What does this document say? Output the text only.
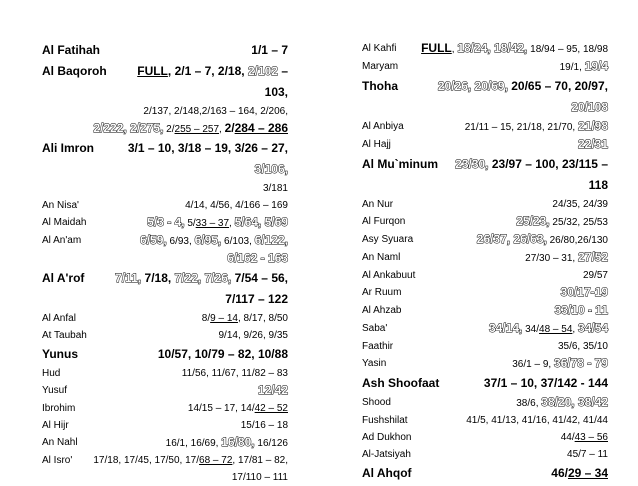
Al Fatihah	1/1 – 7
Al Baqoroh	FULL, 2/1 – 7, 2/18, 2/102 – 103,
2/137, 2/148,2/163 – 164, 2/206,
2/222, 2/275, 2/255 – 257, 2/284 – 286
Ali Imron	3/1 – 10, 3/18 – 19, 3/26 – 27, 3/106,
3/181
An Nisa'	4/14, 4/56, 4/166 – 169
Al Maidah	5/3 - 4, 5/33 – 37, 5/64, 5/69
Al An'am	6/59, 6/93, 6/95, 6/103, 6/122,
6/162 - 163
Al A'rof	7/11, 7/18, 7/22, 7/26, 7/54 – 56,
7/117 – 122
Al Anfal	8/9 – 14, 8/17, 8/50
At Taubah	9/14, 9/26, 9/35
Yunus	10/57, 10/79 – 82, 10/88
Hud	11/56, 11/67, 11/82 – 83
Yusuf	12/42
Ibrohim	14/15 – 17, 14/42 – 52
Al Hijr	15/16 – 18
An Nahl	16/1, 16/69, 16/80, 16/126
Al Isro' 17/18, 17/45, 17/50, 17/68 – 72, 17/81 – 82,
17/110 – 111
Al Kahfi FULL, 18/24, 18/42, 18/94 – 95, 18/98
Maryam	19/1, 19/4
Thoha	20/26, 20/69, 20/65 – 70, 20/97, 20/108
Al Anbiya	21/11 – 15, 21/18, 21/70, 21/98
Al Hajj	22/31
Al Mu`minum	23/30, 23/97 – 100, 23/115 – 118
An Nur	24/35, 24/39
Al Furqon	25/23, 25/32, 25/53
Asy Syuara	26/37, 26/63, 26/80,26/130
An Naml	27/30 – 31, 27/52
Al Ankabuut	29/57
Ar Ruum	30/17-19
Al Ahzab	33/10 - 11
Saba'	34/14, 34/48 – 54, 34/54
Faathir	35/6, 35/10
Yasin	36/1 – 9, 36/78 - 79
Ash Shoofaat	37/1 – 10, 37/142 - 144
Shood	38/6, 38/20, 38/42
Fushshilat	41/5, 41/13, 41/16, 41/42, 41/44
Ad Dukhon	44/43 – 56
Al-Jatsiyah	45/7 – 11
Al Ahqof	46/29 – 34
